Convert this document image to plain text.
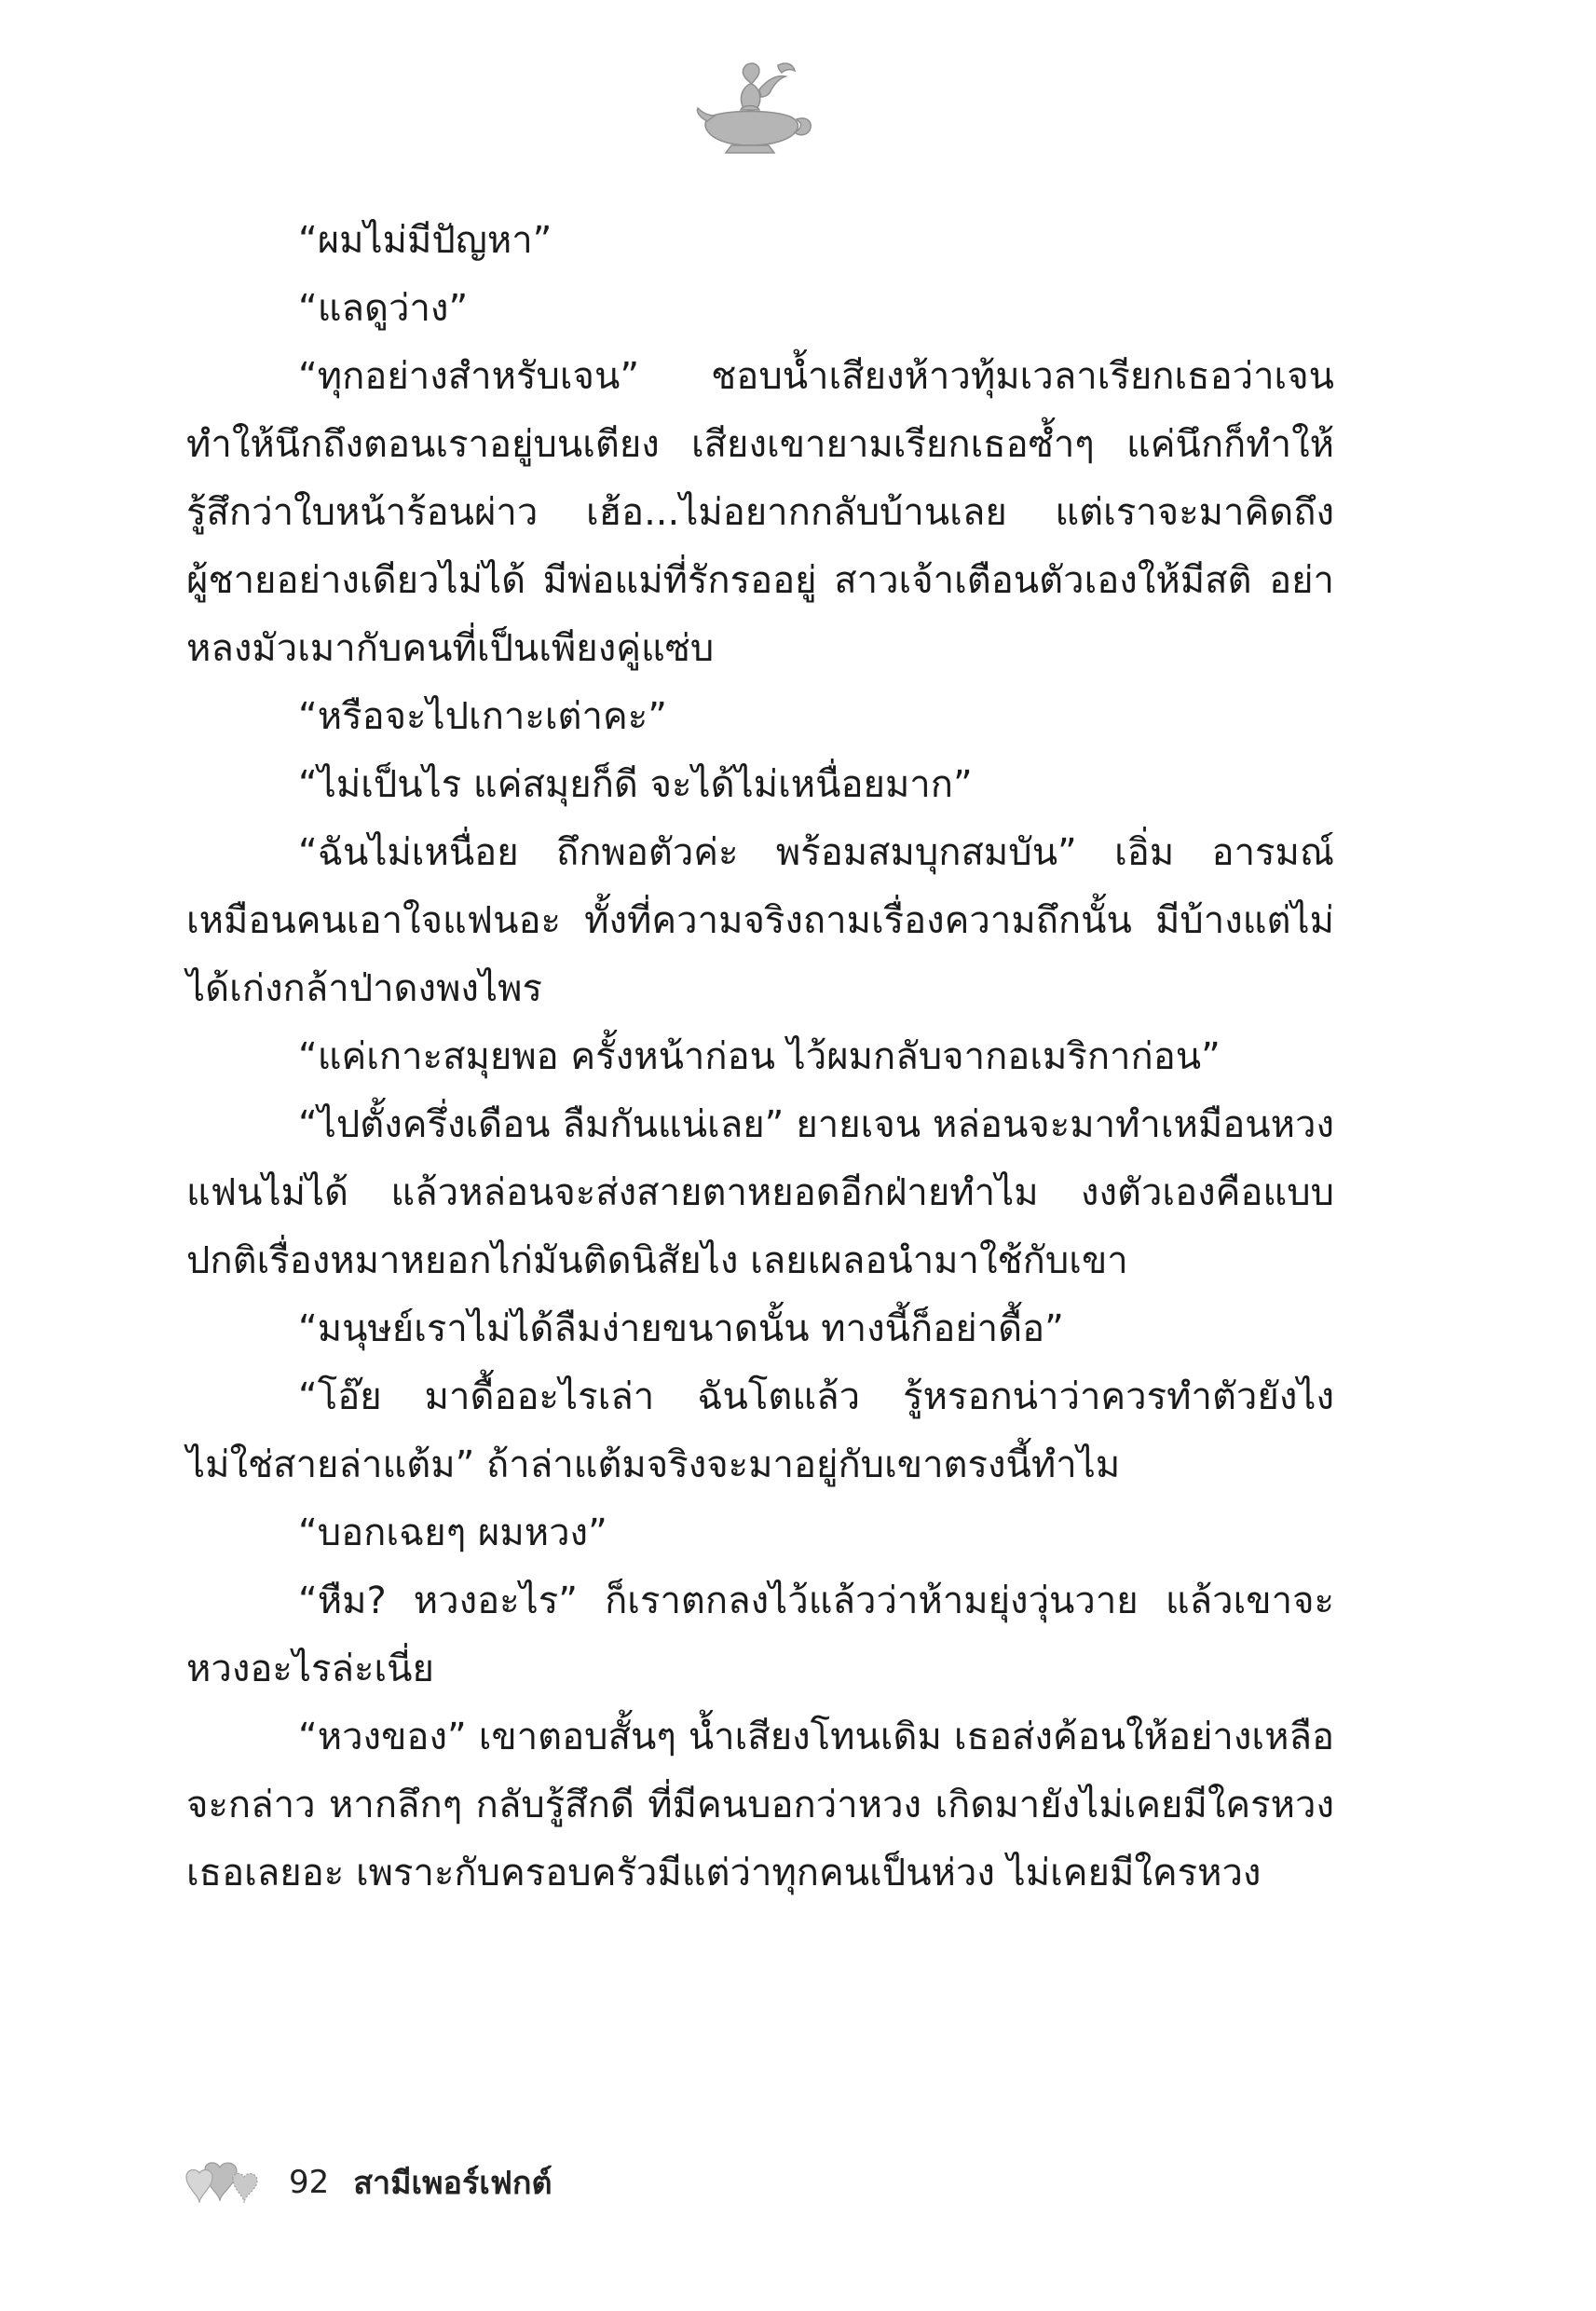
“ผมไม่มีปัญหา”

“แลดูว่าง”

“ทุกอย่างสำหรับเจน” ชอบน้ำเสียงห้าวทุ้มเวลาเรียกเธอว่าเจน ทำให้นึกถึงตอนเราอยู่บนเตียง เสียงเขายามเรียกเธอซ้ำๆ แค่นึกก็ทำให้รู้สึกว่าใบหน้าร้อนผ่าว เฮ้อ...ไม่อยากกลับบ้านเลย แต่เราจะมาคิดถึงผู้ชายอย่างเดียวไม่ได้ มีพ่อแม่ที่รักรออยู่ สาวเจ้าเตือนตัวเองให้มีสติ อย่าหลงมัวเมากับคนที่เป็นเพียงคู่แซ่บ

“หรือจะไปเกาะเต่าคะ”

“ไม่เป็นไร แค่สมุยก็ดี จะได้ไม่เหนื่อยมาก”

“ฉันไม่เหนื่อย ถึกพอตัวค่ะ พร้อมสมบุกสมบัน” เอิ่ม อารมณ์เหมือนคนเอาใจแฟนอะ ทั้งที่ความจริงถามเรื่องความถึกนั้น มีบ้างแต่ไม่ได้เก่งกล้าป่าดงพงไพร

“แค่เกาะสมุยพอ ครั้งหน้าก่อน ไว้ผมกลับจากอเมริกาก่อน”

“ไปตั้งครึ่งเดือน ลืมกันแน่เลย” ยายเจน หล่อนจะมาทำเหมือนหวงแฟนไม่ได้ แล้วหล่อนจะส่งสายตาหยอดอีกฝ่ายทำไม งงตัวเองคือแบบปกติเรื่องหมาหยอกไก่มันติดนิสัยไง เลยเผลอนำมาใช้กับเขา

“มนุษย์เราไม่ได้ลืมง่ายขนาดนั้น ทางนี้ก็อย่าดื้อ”

“โอ๊ย มาดื้ออะไรเล่า ฉันโตแล้ว รู้หรอกน่าว่าควรทำตัวยังไง ไม่ใช่สายล่าแต้ม” ถ้าล่าแต้มจริงจะมาอยู่กับเขาตรงนี้ทำไม

“บอกเฉยๆ ผมหวง”

“หืม? หวงอะไร” ก็เราตกลงไว้แล้วว่าห้ามยุ่งวุ่นวาย แล้วเขาจะหวงอะไรล่ะเนี่ย

“หวงของ” เขาตอบสั้นๆ น้ำเสียงโทนเดิม เธอส่งค้อนให้อย่างเหลือจะกล่าว หากลึกๆ กลับรู้สึกดี ที่มีคนบอกว่าหวง เกิดมายังไม่เคยมีใครหวงเธอเลยอะ เพราะกับครอบครัวมีแต่ว่าทุกคนเป็นห่วง ไม่เคยมีใครหวง

92 สามีเพอร์เฟกต์
